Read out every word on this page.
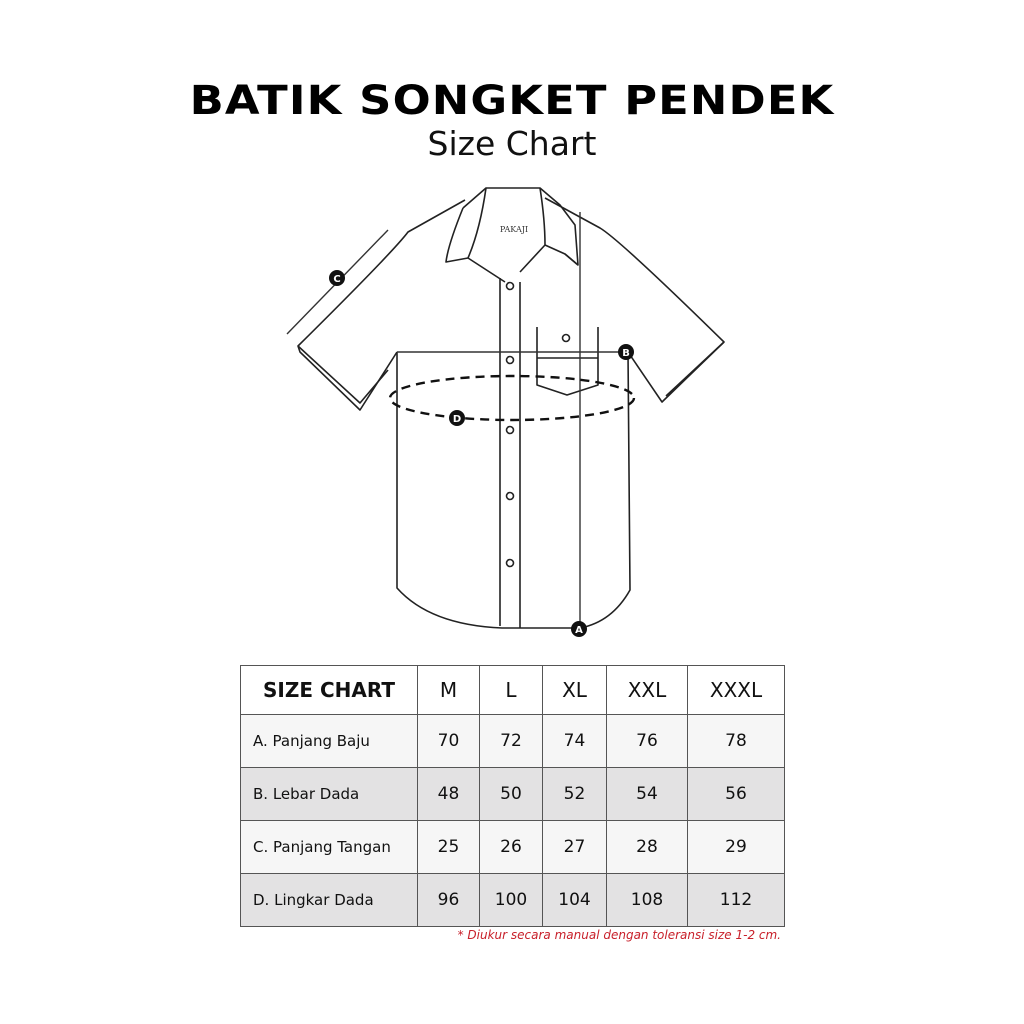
BATIK SONGKET PENDEK
Size Chart
PAKAJI
C
B
D
A
SIZE CHART	M	L	XL	XXL	XXXL
A. Panjang Baju	70	72	74	76	78
B. Lebar Dada	48	50	52	54	56
C. Panjang Tangan	25	26	27	28	29
D. Lingkar Dada	96	100	104	108	112
* Diukur secara manual dengan toleransi size 1-2 cm.
